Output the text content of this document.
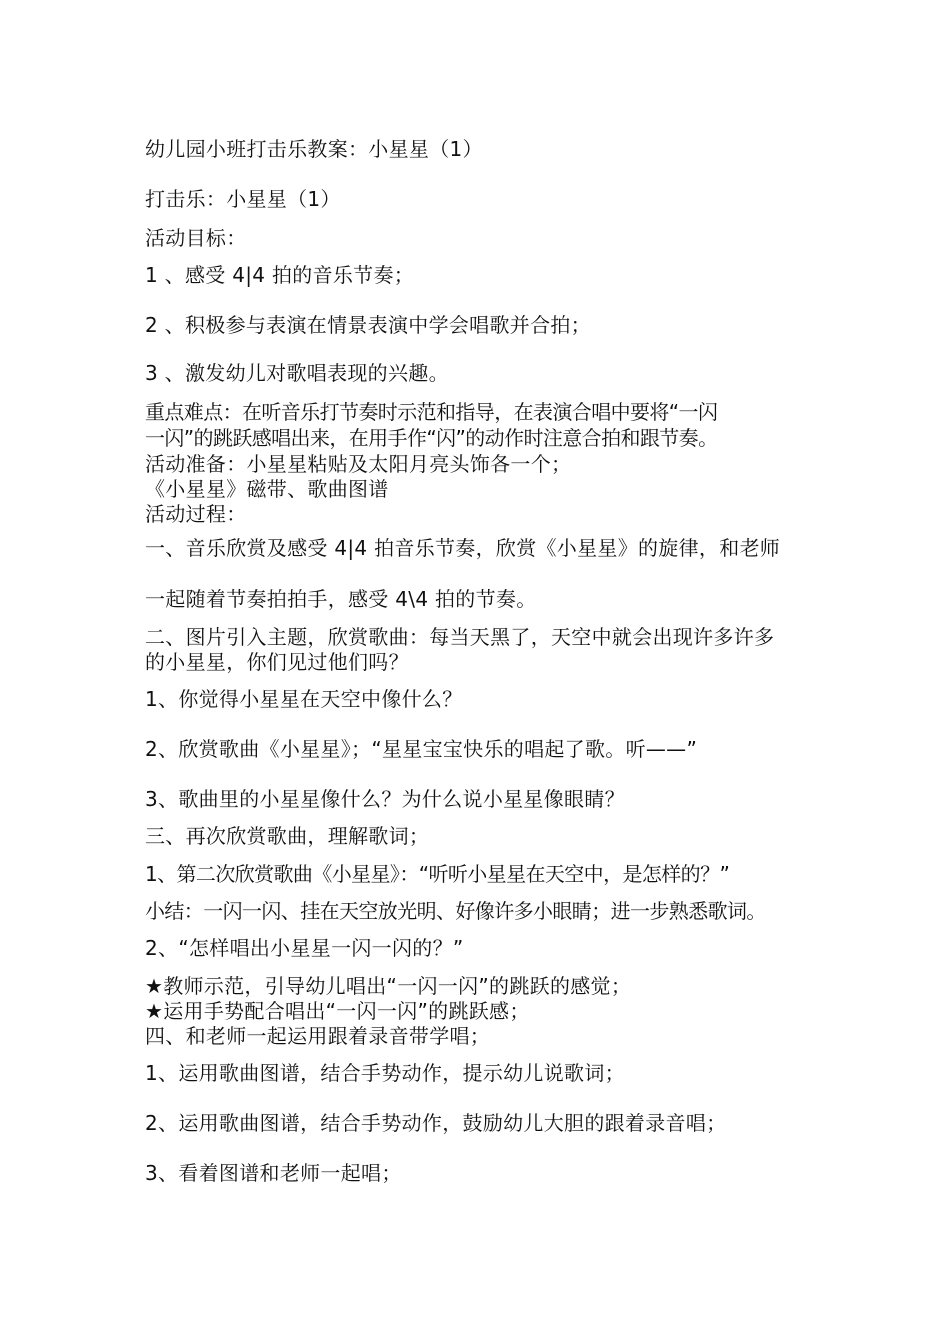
幼儿园小班打击乐教案：小星星（1）
打击乐：小星星（1）
活动目标：
1 、感受 4|4 拍的音乐节奏；
2 、积极参与表演在情景表演中学会唱歌并合拍；
3 、激发幼儿对歌唱表现的兴趣。
重点难点：在听音乐打节奏时示范和指导，在表演合唱中要将“一闪
一闪”的跳跃感唱出来，在用手作“闪”的动作时注意合拍和跟节奏。
活动准备：小星星粘贴及太阳月亮头饰各一个；
《小星星》磁带、歌曲图谱
活动过程：
一、音乐欣赏及感受 4|4 拍音乐节奏，欣赏《小星星》的旋律，和老师
一起随着节奏拍拍手，感受 4\4 拍的节奏。
二、图片引入主题，欣赏歌曲：每当天黑了，天空中就会出现许多许多
的小星星，你们见过他们吗？
1、你觉得小星星在天空中像什么？
2、欣赏歌曲《小星星》；“星星宝宝快乐的唱起了歌。听——”
3、歌曲里的小星星像什么？为什么说小星星像眼睛？
三、再次欣赏歌曲，理解歌词；
1、第二次欣赏歌曲《小星星》：“听听小星星在天空中，是怎样的？”
小结：一闪一闪、挂在天空放光明、好像许多小眼睛；进一步熟悉歌词。
2、“怎样唱出小星星一闪一闪的？”
★教师示范，引导幼儿唱出“一闪一闪”的跳跃的感觉；
★运用手势配合唱出“一闪一闪”的跳跃感；
四、和老师一起运用跟着录音带学唱；
1、运用歌曲图谱，结合手势动作，提示幼儿说歌词；
2、运用歌曲图谱，结合手势动作，鼓励幼儿大胆的跟着录音唱；
3、看着图谱和老师一起唱；
